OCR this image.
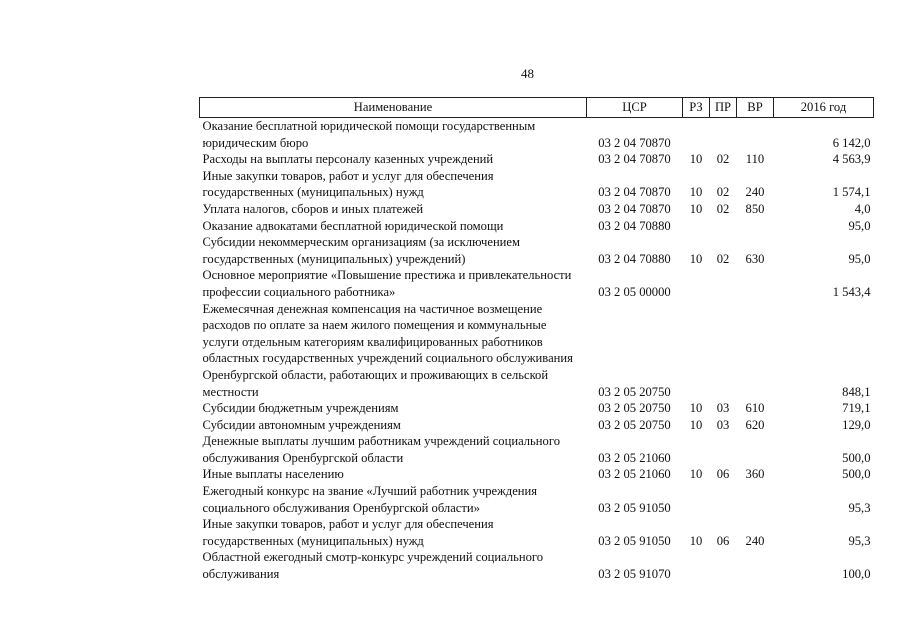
48
Наименование	ЦСР	РЗ	ПР	ВР	2016 год
Оказание бесплатной юридической помощи государственным юридическим бюро	03 2 04 70870				6 142,0
Расходы на выплаты персоналу казенных учреждений	03 2 04 70870	10	02	110	4 563,9
Иные закупки товаров, работ и услуг для обеспечения государственных (муниципальных) нужд	03 2 04 70870	10	02	240	1 574,1
Уплата налогов, сборов и иных платежей	03 2 04 70870	10	02	850	4,0
Оказание адвокатами бесплатной юридической помощи	03 2 04 70880				95,0
Субсидии некоммерческим организациям (за исключением государственных (муниципальных) учреждений)	03 2 04 70880	10	02	630	95,0
Основное мероприятие «Повышение престижа и привлекательности профессии социального работника»	03 2 05 00000				1 543,4
Ежемесячная денежная компенсация на частичное возмещение расходов по оплате за наем жилого помещения и коммунальные услуги отдельным категориям квалифицированных работников областных государственных учреждений социального обслуживания Оренбургской области, работающих и проживающих в сельской местности	03 2 05 20750				848,1
Субсидии бюджетным учреждениям	03 2 05 20750	10	03	610	719,1
Субсидии автономным учреждениям	03 2 05 20750	10	03	620	129,0
Денежные выплаты лучшим работникам учреждений социального обслуживания Оренбургской области	03 2 05 21060				500,0
Иные выплаты населению	03 2 05 21060	10	06	360	500,0
Ежегодный конкурс на звание «Лучший работник учреждения социального обслуживания Оренбургской области»	03 2 05 91050				95,3
Иные закупки товаров, работ и услуг для обеспечения государственных (муниципальных) нужд	03 2 05 91050	10	06	240	95,3
Областной ежегодный смотр-конкурс учреждений социального обслуживания	03 2 05 91070				100,0
